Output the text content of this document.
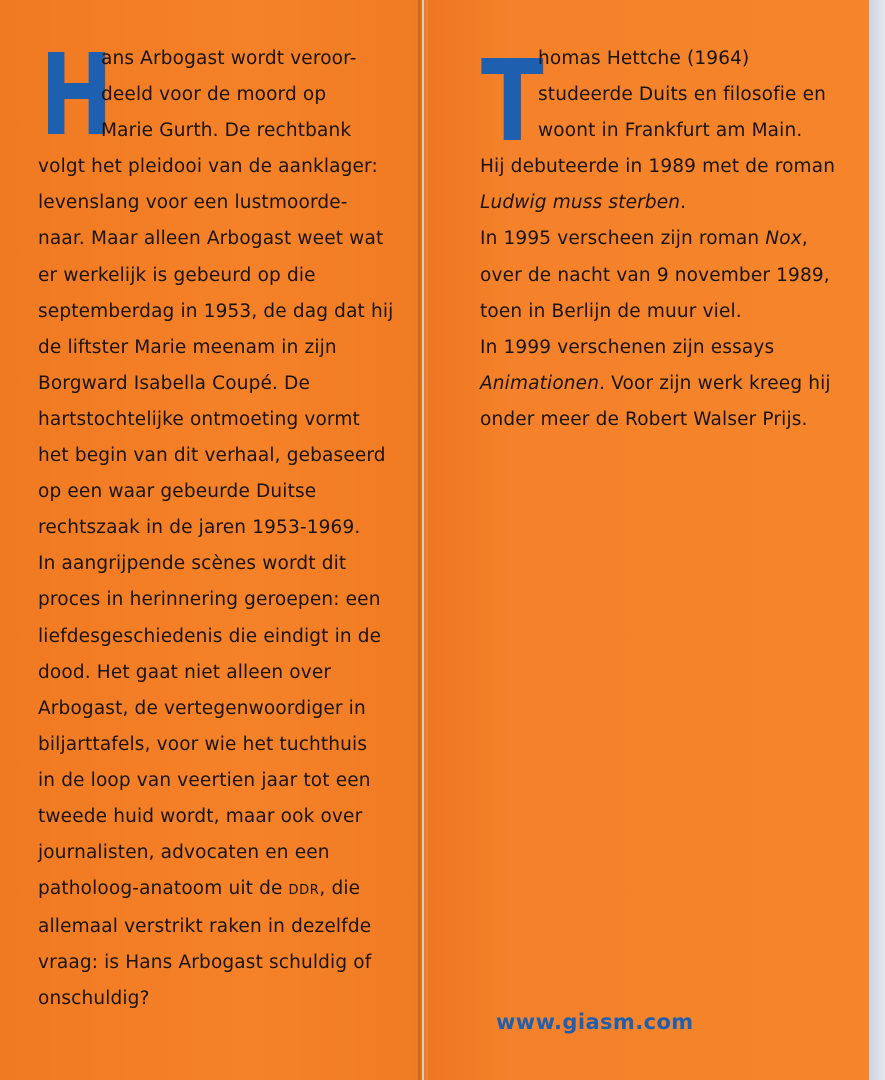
H
ans Arbogast wordt veroor-
deeld voor de moord op
Marie Gurth. De rechtbank
volgt het pleidooi van de aanklager:
levenslang voor een lustmoorde-
naar. Maar alleen Arbogast weet wat
er werkelijk is gebeurd op die
septemberdag in 1953, de dag dat hij
de liftster Marie meenam in zijn
Borgward Isabella Coupé. De
hartstochtelijke ontmoeting vormt
het begin van dit verhaal, gebaseerd
op een waar gebeurde Duitse
rechtszaak in de jaren 1953-1969.
In aangrijpende scènes wordt dit
proces in herinnering geroepen: een
liefdesgeschiedenis die eindigt in de
dood. Het gaat niet alleen over
Arbogast, de vertegenwoordiger in
biljarttafels, voor wie het tuchthuis
in de loop van veertien jaar tot een
tweede huid wordt, maar ook over
journalisten, advocaten en een
patholoog-anatoom uit de DDR, die
allemaal verstrikt raken in dezelfde
vraag: is Hans Arbogast schuldig of
onschuldig?
T
homas Hettche (1964)
studeerde Duits en filosofie en
woont in Frankfurt am Main.
Hij debuteerde in 1989 met de roman
Ludwig muss sterben.
In 1995 verscheen zijn roman Nox,
over de nacht van 9 november 1989,
toen in Berlijn de muur viel.
In 1999 verschenen zijn essays
Animationen. Voor zijn werk kreeg hij
onder meer de Robert Walser Prijs.
www.giasm.com
